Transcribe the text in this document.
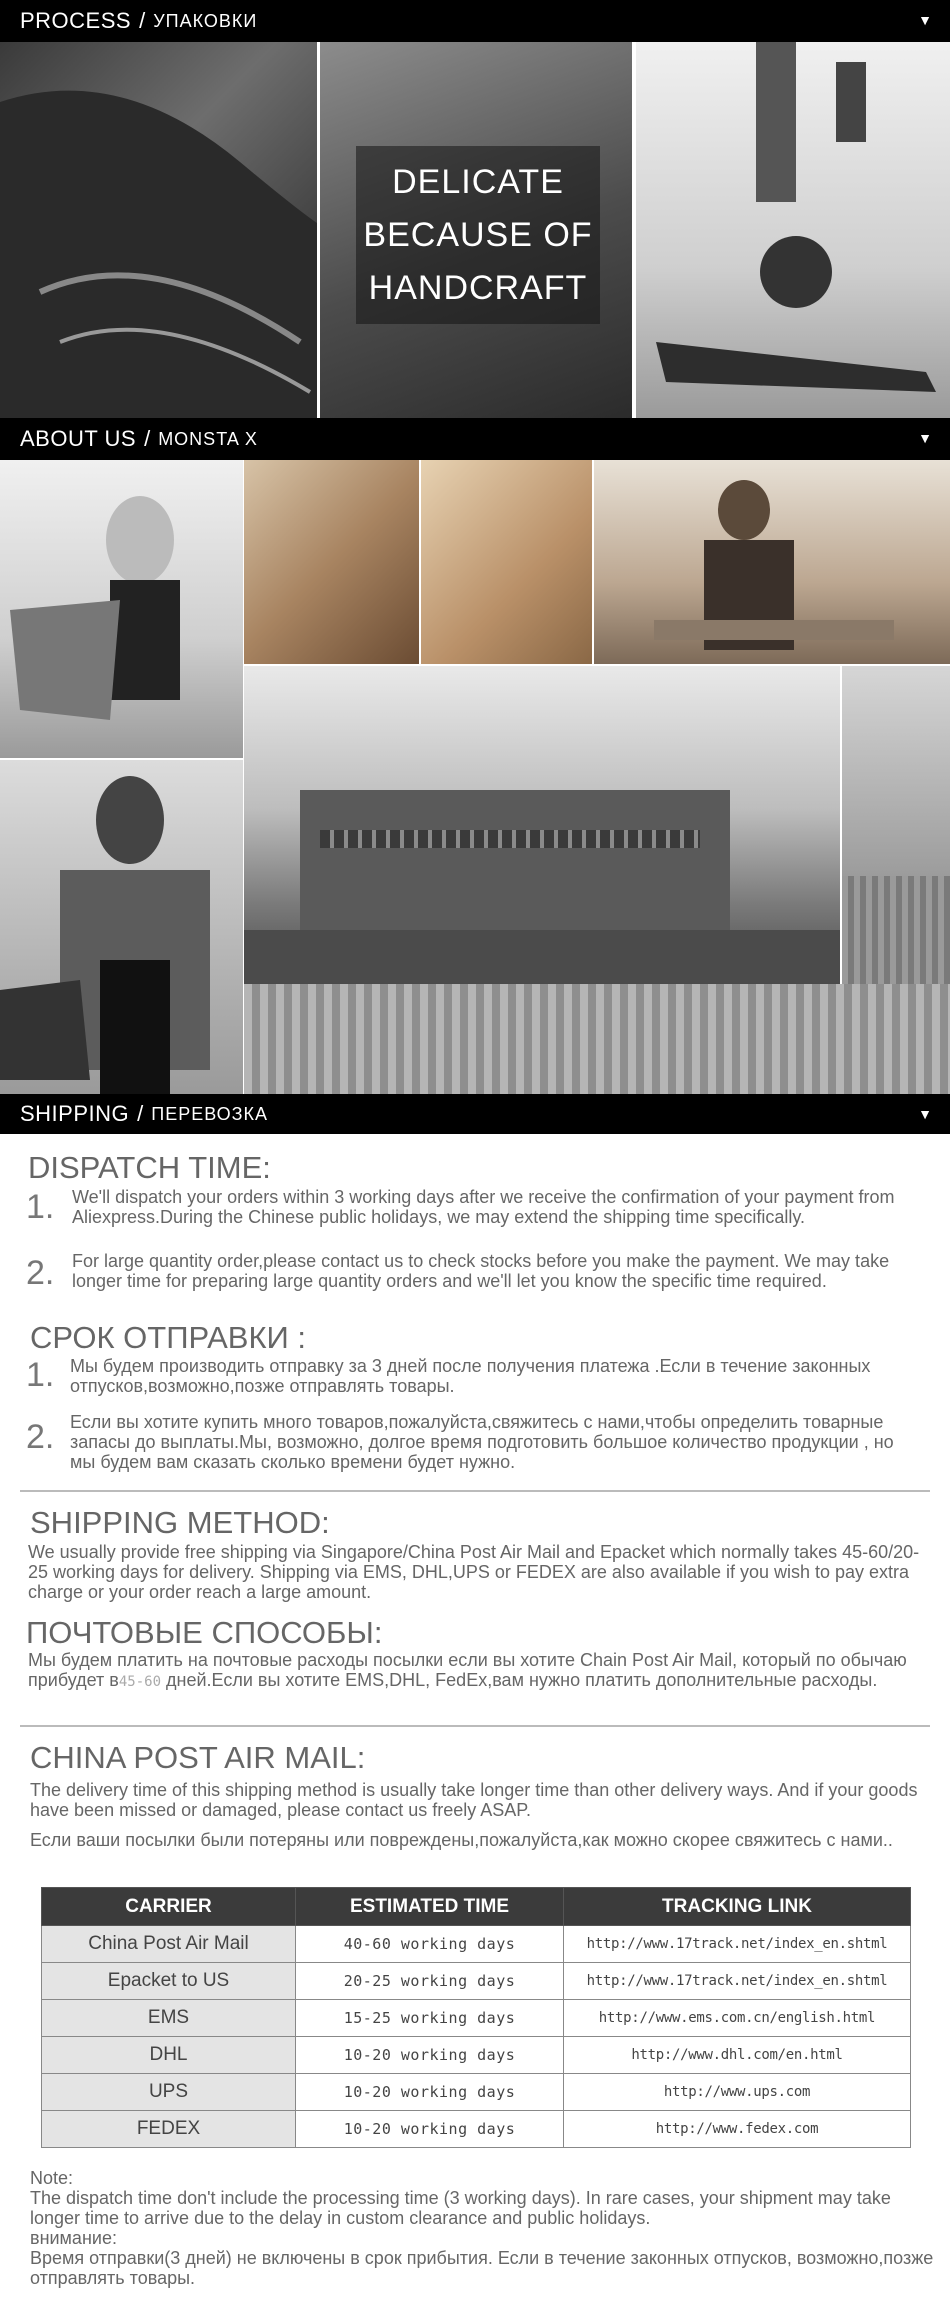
PROCESS / УПАКОВКИ	▼
DELICATE
BECAUSE OF
HANDCRAFT
ABOUT US / MONSTA X	▼
SHIPPING / ПЕРЕВОЗКА	▼
DISPATCH TIME:
1. We'll dispatch your orders within 3 working days after we receive the confirmation of your payment from Aliexpress.During the Chinese public holidays, we may extend the shipping time specifically.
2. For large quantity order,please contact us to check stocks before you make the payment. We may take longer time for preparing large quantity orders and we'll let you know the specific time required.
СРОК ОТПРАВКИ :
1. Мы будем производить отправку за 3 дней после получения платежа .Если в течение законных отпусков,возможно,позже отправлять товары.
2. Если вы хотите купить много товаров,пожалуйста,свяжитесь с нами,чтобы определить товарные запасы до выплаты.Мы, возможно, долгое время подготовить большое количество продукции , но мы будем вам сказать сколько времени будет нужно.
SHIPPING METHOD:
We usually provide free shipping via Singapore/China Post Air Mail and Epacket which normally takes 45-60/20-25 working days for delivery. Shipping via EMS, DHL,UPS or FEDEX are also available if you wish to pay extra charge or your order reach a large amount.
ПОЧТОВЫЕ СПОСОБЫ:
Мы будем платить на почтовые расходы посылки если вы хотите Chain Post Air Mail, который по обычаю прибудет в45-60 дней.Если вы хотите EMS,DHL, FedEx,вам нужно платить дополнительные расходы.
CHINA POST AIR MAIL:
The delivery time of this shipping method is usually take longer time than other delivery ways. And if your goods have been missed or damaged, please contact us freely ASAP.
Если ваши посылки были потеряны или повреждены,пожалуйста,как можно скорее свяжитесь с нами..
CARRIER	ESTIMATED TIME	TRACKING LINK
China Post Air Mail	40-60 working days	http://www.17track.net/index_en.shtml
Epacket to US	20-25 working days	http://www.17track.net/index_en.shtml
EMS	15-25 working days	http://www.ems.com.cn/english.html
DHL	10-20 working days	http://www.dhl.com/en.html
UPS	10-20 working days	http://www.ups.com
FEDEX	10-20 working days	http://www.fedex.com
Note:
The dispatch time don't include the processing time (3 working days). In rare cases, your shipment may take longer time to arrive due to the delay in custom clearance and public holidays.
внимание:
Время отправки(3 дней) не включены в срок прибытия. Если в течение законных отпусков, возможно,позже отправлять товары.
